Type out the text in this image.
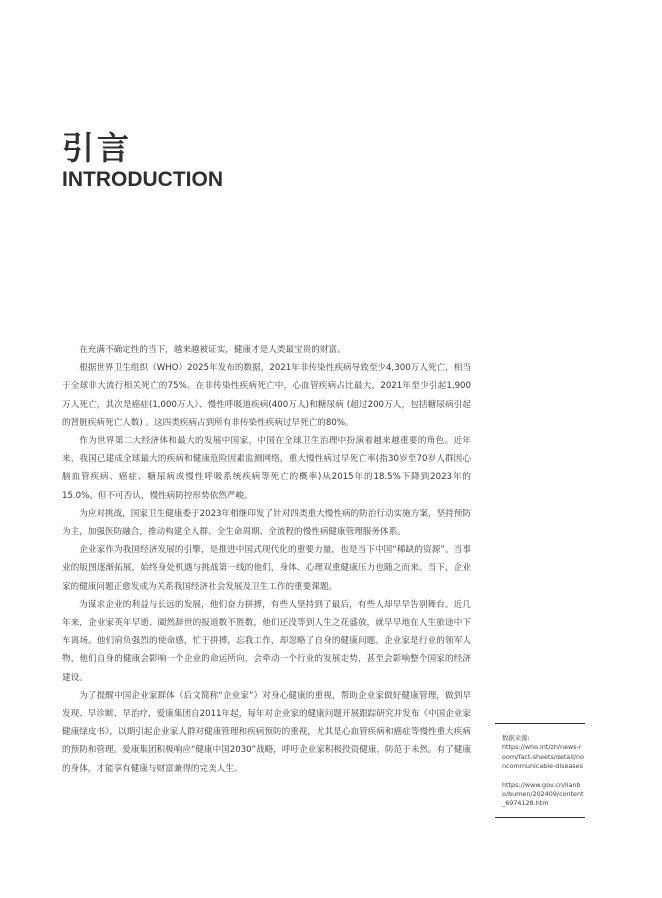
引言
INTRODUCTION

在充满不确定性的当下，越来越被证实，健康才是人类最宝贵的财富。

根据世界卫生组织（WHO）2025年发布的数据，2021年非传染性疾病导致至少4,300万人死亡，相当于全球非大流行相关死亡的75%。在非传染性疾病死亡中，心血管疾病占比最大，2021年至少引起1,900万人死亡，其次是癌症(1,000万人）、慢性呼吸道疾病(400万人)和糖尿病 (超过200万人，包括糖尿病引起的肾脏疾病死亡人数) 。这四类疾病占到所有非传染性疾病过早死亡的80%。

作为世界第二大经济体和最大的发展中国家，中国在全球卫生治理中扮演着越来越重要的角色。近年来，我国已建成全球最大的疾病和健康危险因素监测网络，重大慢性病过早死亡率(指30岁至70岁人群因心脑血管疾病、癌症、糖尿病或慢性呼吸系统疾病等死亡的概率)从2015年的18.5%下降到2023年的15.0%。但不可否认，慢性病防控形势依然严峻。

为应对挑战，国家卫生健康委于2023年相继印发了针对四类重大慢性病的防治行动实施方案，坚持预防为主，加强医防融合，推动构建全人群、全生命周期、全流程的慢性病健康管理服务体系。

企业家作为我国经济发展的引擎，是推进中国式现代化的重要力量，也是当下中国“稀缺的资源”。当事业的版图逐渐拓展，始终身处机遇与挑战第一线的他们，身体、心理双重健康压力也随之而来。当下，企业家的健康问题正愈发成为关系我国经济社会发展及卫生工作的重要课题。

为谋求企业的利益与长远的发展，他们奋力拼搏，有些人坚持到了最后，有些人却早早告别舞台。近几年来，企业家英年早逝、阖然辞世的报道数不胜数，他们还没等到人生之花盛放，就早早地在人生旅途中下车离场。他们肩负强烈的使命感，忙于拼搏，忘我工作，却忽略了自身的健康问题。企业家是行业的领军人物，他们自身的健康会影响一个企业的命运所向，会牵动一个行业的发展走势，甚至会影响整个国家的经济建设。

为了提醒中国企业家群体（后文简称“企业家”）对身心健康的重视，帮助企业家做好健康管理，做到早发现、早诊断、早治疗，爱康集团自2011年起，每年对企业家的健康问题开展跟踪研究并发布《中国企业家健康绿皮书》，以期引起企业家人群对健康管理和疾病预防的重视，尤其是心血管疾病和癌症等慢性重大疾病的预防和管理。爱康集团积极响应“健康中国2030”战略，呼吁企业家积极投资健康，防范于未然。有了健康的身体，才能享有健康与财富兼得的完美人生。

数据来源:
https://who.int/zh/news-room/fact-sheets/detail/noncommunicable-diseases
https://www.gov.cn/lianbo/bumen/202409/content_6974128.htm
